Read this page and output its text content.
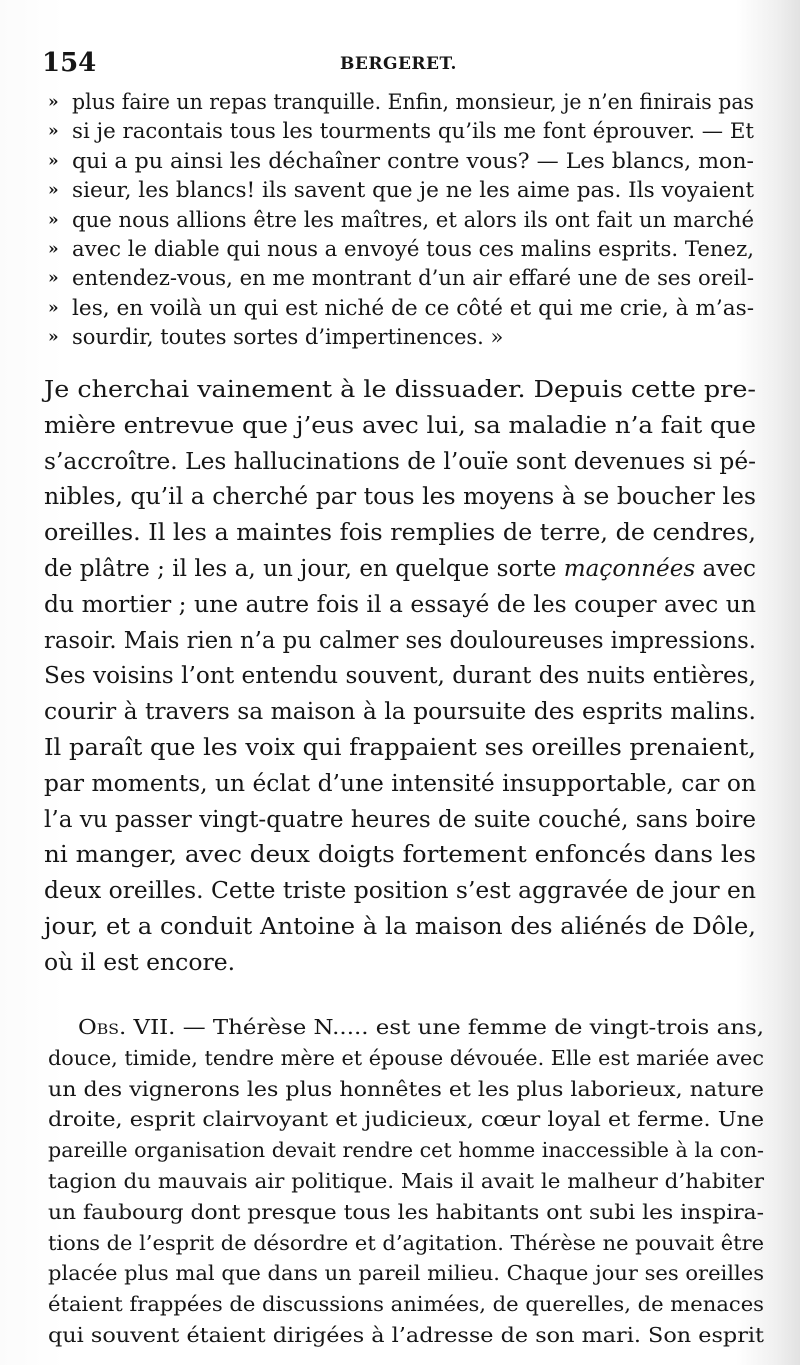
154	BERGERET.
» plus faire un repas tranquille. Enfin, monsieur, je n’en finirais pas
» si je racontais tous les tourments qu’ils me font éprouver. — Et
» qui a pu ainsi les déchaîner contre vous? — Les blancs, mon-
» sieur, les blancs! ils savent que je ne les aime pas. Ils voyaient
» que nous allions être les maîtres, et alors ils ont fait un marché
» avec le diable qui nous a envoyé tous ces malins esprits. Tenez,
» entendez-vous, en me montrant d’un air effaré une de ses oreil-
» les, en voilà un qui est niché de ce côté et qui me crie, à m’as-
» sourdir, toutes sortes d’impertinences. »
Je cherchai vainement à le dissuader. Depuis cette pre-
mière entrevue que j’eus avec lui, sa maladie n’a fait que
s’accroître. Les hallucinations de l’ouïe sont devenues si pé-
nibles, qu’il a cherché par tous les moyens à se boucher les
oreilles. Il les a maintes fois remplies de terre, de cendres,
de plâtre ; il les a, un jour, en quelque sorte maçonnées avec
du mortier ; une autre fois il a essayé de les couper avec un
rasoir. Mais rien n’a pu calmer ses douloureuses impressions.
Ses voisins l’ont entendu souvent, durant des nuits entières,
courir à travers sa maison à la poursuite des esprits malins.
Il paraît que les voix qui frappaient ses oreilles prenaient,
par moments, un éclat d’une intensité insupportable, car on
l’a vu passer vingt-quatre heures de suite couché, sans boire
ni manger, avec deux doigts fortement enfoncés dans les
deux oreilles. Cette triste position s’est aggravée de jour en
jour, et a conduit Antoine à la maison des aliénés de Dôle,
où il est encore.
Obs. VII. — Thérèse N..... est une femme de vingt-trois ans,
douce, timide, tendre mère et épouse dévouée. Elle est mariée avec
un des vignerons les plus honnêtes et les plus laborieux, nature
droite, esprit clairvoyant et judicieux, cœur loyal et ferme. Une
pareille organisation devait rendre cet homme inaccessible à la con-
tagion du mauvais air politique. Mais il avait le malheur d’habiter
un faubourg dont presque tous les habitants ont subi les inspira-
tions de l’esprit de désordre et d’agitation. Thérèse ne pouvait être
placée plus mal que dans un pareil milieu. Chaque jour ses oreilles
étaient frappées de discussions animées, de querelles, de menaces
qui souvent étaient dirigées à l’adresse de son mari. Son esprit
